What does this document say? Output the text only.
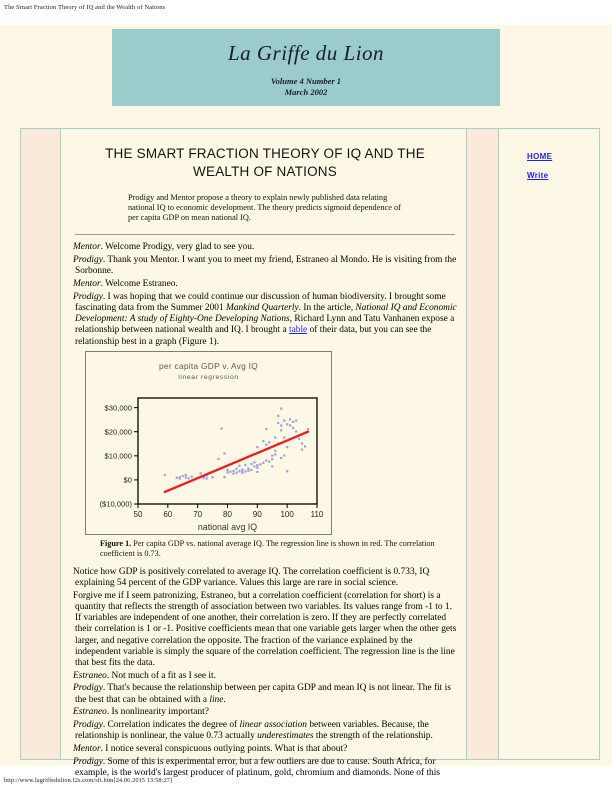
The Smart Fraction Theory of IQ and the Wealth of Nations
La Griffe du Lion
Volume 4 Number 1
March 2002
THE SMART FRACTION THEORY OF IQ AND THE WEALTH OF NATIONS
Prodigy and Mentor propose a theory to explain newly published data relating national IQ to economic development. The theory predicts sigmoid dependence of per capita GDP on mean national IQ.

Mentor. Welcome Prodigy, very glad to see you.

Prodigy. Thank you Mentor. I want you to meet my friend, Estraneo al Mondo. He is visiting from the Sorbonne.

Mentor. Welcome Estraneo.

Prodigy. I was hoping that we could continue our discussion of human biodiversity. I brought some fascinating data from the Summer 2001 Mankind Quarterly. In the article, National IQ and Economic Development: A study of Eighty-One Developing Nations, Richard Lynn and Tatu Vanhanen expose a relationship between national wealth and IQ. I brought a table of their data, but you can see the relationship best in a graph (Figure 1).

per capita GDP v. Avg IQ
linear regression
$30,000
$20,000
$10,000
$0
($10,000)
50	60	70	80	90 100 110
national avg IQ
Figure 1. Per capita GDP vs. national average IQ. The regression line is shown in red. The correlation coefficient is 0.73.

Notice how GDP is positively correlated to average IQ. The correlation coefficient is 0.733, IQ explaining 54 percent of the GDP variance. Values this large are rare in social science.

Forgive me if I seem patronizing, Estraneo, but a correlation coefficient (correlation for short) is a quantity that reflects the strength of association between two variables. Its values range from -1 to 1. If variables are independent of one another, their correlation is zero. If they are perfectly correlated their correlation is 1 or -1. Positive coefficients mean that one variable gets larger when the other gets larger, and negative correlation the opposite. The fraction of the variance explained by the independent variable is simply the square of the correlation coefficient. The regression line is the line that best fits the data.

Estraneo. Not much of a fit as I see it.

Prodigy. That's because the relationship between per capita GDP and mean IQ is not linear. The fit is the best that can be obtained with a line.

Estraneo. Is nonlinearity important?

Prodigy. Correlation indicates the degree of linear association between variables. Because, the relationship is nonlinear, the value 0.73 actually underestimates the strength of the relationship.

Mentor. I notice several conspicuous outlying points. What is that about?

Prodigy. Some of this is experimental error, but a few outliers are due to cause. South Africa, for example, is the world's largest producer of platinum, gold, chromium and diamonds. None of this

HOME
Write
http://www.lagriffedulion.f2s.com/sft.htm[24.06.2015 13:58:27]
